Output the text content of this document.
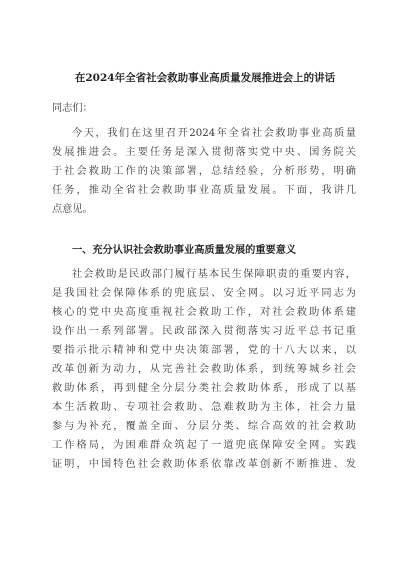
在2024年全省社会救助事业高质量发展推进会上的讲话
同志们：
今天，我们在这里召开2024年全省社会救助事业高质量
发展推进会。主要任务是深入贯彻落实党中央、国务院关
于社会救助工作的决策部署，总结经验，分析形势，明确
任务，推动全省社会救助事业高质量发展。下面，我讲几
点意见。
一、充分认识社会救助事业高质量发展的重要意义
社会救助是民政部门履行基本民生保障职责的重要内容，
是我国社会保障体系的兜底层、安全网。以习近平同志为
核心的党中央高度重视社会救助工作，对社会救助体系建
设作出一系列部署。民政部深入贯彻落实习近平总书记重
要指示批示精神和党中央决策部署，党的十八大以来，以
改革创新为动力，从完善社会救助体系，到统筹城乡社会
救助体系，再到健全分层分类社会救助体系，形成了以基
本生活救助、专项社会救助、急难救助为主体，社会力量
参与为补充，覆盖全面、分层分类、综合高效的社会救助
工作格局，为困难群众筑起了一道兜底保障安全网。实践
证明，中国特色社会救助体系依靠改革创新不断推进、发
